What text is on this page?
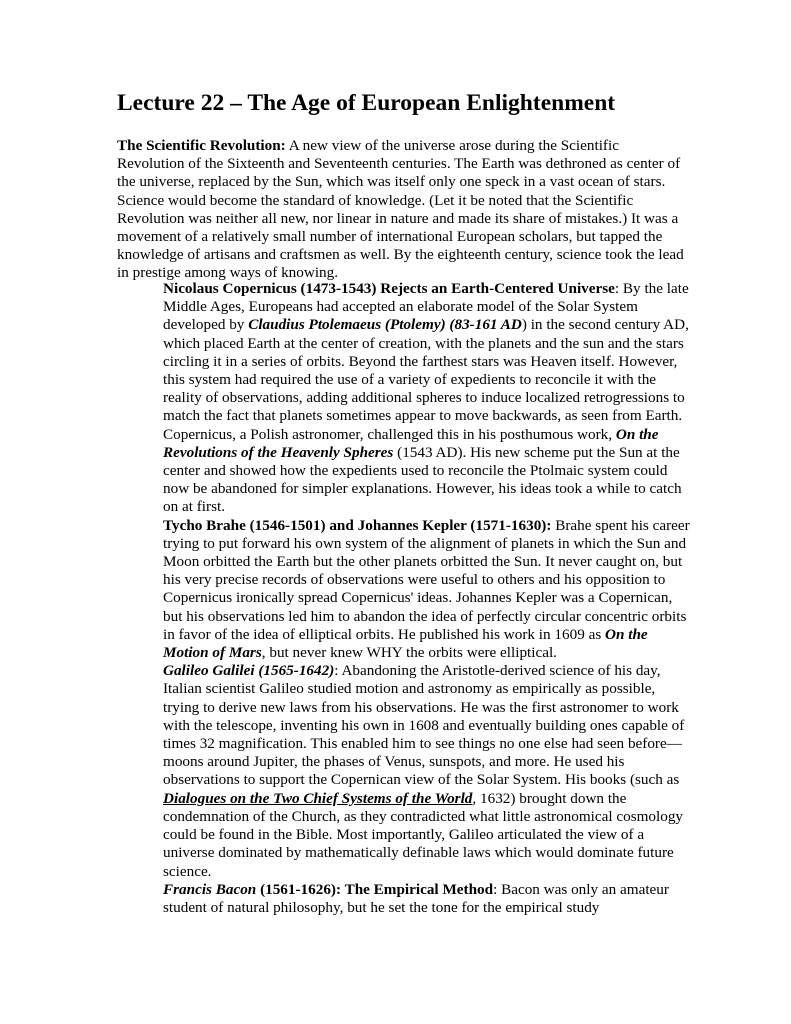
Lecture 22 – The Age of European Enlightenment

The Scientific Revolution: A new view of the universe arose during the Scientific Revolution of the Sixteenth and Seventeenth centuries. The Earth was dethroned as center of the universe, replaced by the Sun, which was itself only one speck in a vast ocean of stars. Science would become the standard of knowledge. (Let it be noted that the Scientific Revolution was neither all new, nor linear in nature and made its share of mistakes.) It was a movement of a relatively small number of international European scholars, but tapped the knowledge of artisans and craftsmen as well. By the eighteenth century, science took the lead in prestige among ways of knowing.

Nicolaus Copernicus (1473-1543) Rejects an Earth-Centered Universe: By the late Middle Ages, Europeans had accepted an elaborate model of the Solar System developed by Claudius Ptolemaeus (Ptolemy) (83-161 AD) in the second century AD, which placed Earth at the center of creation, with the planets and the sun and the stars circling it in a series of orbits. Beyond the farthest stars was Heaven itself. However, this system had required the use of a variety of expedients to reconcile it with the reality of observations, adding additional spheres to induce localized retrogressions to match the fact that planets sometimes appear to move backwards, as seen from Earth. Copernicus, a Polish astronomer, challenged this in his posthumous work, On the Revolutions of the Heavenly Spheres (1543 AD). His new scheme put the Sun at the center and showed how the expedients used to reconcile the Ptolmaic system could now be abandoned for simpler explanations. However, his ideas took a while to catch on at first.

Tycho Brahe (1546-1501) and Johannes Kepler (1571-1630): Brahe spent his career trying to put forward his own system of the alignment of planets in which the Sun and Moon orbitted the Earth but the other planets orbitted the Sun. It never caught on, but his very precise records of observations were useful to others and his opposition to Copernicus ironically spread Copernicus' ideas. Johannes Kepler was a Copernican, but his observations led him to abandon the idea of perfectly circular concentric orbits in favor of the idea of elliptical orbits. He published his work in 1609 as On the Motion of Mars, but never knew WHY the orbits were elliptical.

Galileo Galilei (1565-1642): Abandoning the Aristotle-derived science of his day, Italian scientist Galileo studied motion and astronomy as empirically as possible, trying to derive new laws from his observations. He was the first astronomer to work with the telescope, inventing his own in 1608 and eventually building ones capable of times 32 magnification. This enabled him to see things no one else had seen before—moons around Jupiter, the phases of Venus, sunspots, and more. He used his observations to support the Copernican view of the Solar System. His books (such as Dialogues on the Two Chief Systems of the World, 1632) brought down the condemnation of the Church, as they contradicted what little astronomical cosmology could be found in the Bible. Most importantly, Galileo articulated the view of a universe dominated by mathematically definable laws which would dominate future science.

Francis Bacon (1561-1626): The Empirical Method: Bacon was only an amateur student of natural philosophy, but he set the tone for the empirical study
